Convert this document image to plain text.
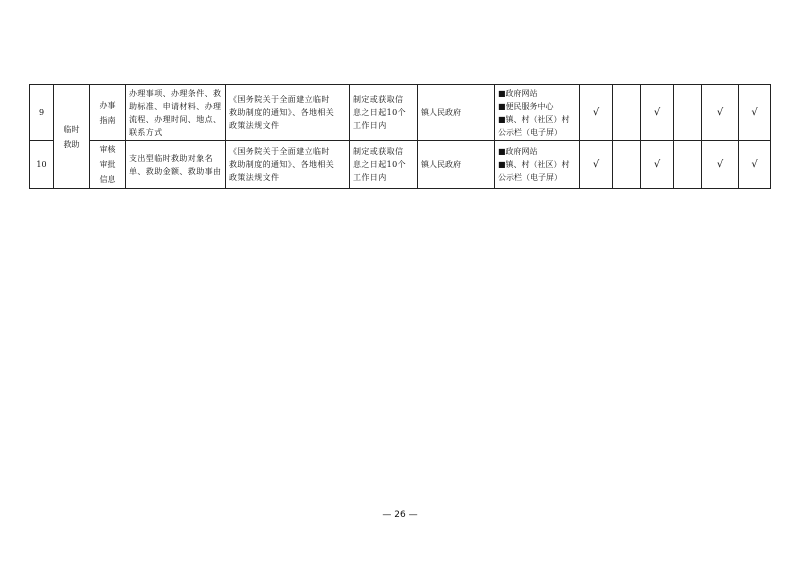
9	临时救助	办事指南	办理事项、办理条件、救
助标准、申请材料、办理
流程、办理时间、地点、
联系方式	《国务院关于全面建立临时
救助制度的通知》、各地相关
政策法规文件	制定或获取信
息之日起10个
工作日内	镇人民政府	■政府网站
■便民服务中心
■镇、村（社区）村
公示栏（电子屏）	√		√		√	√
10		审核审批信息	支出型临时救助对象名
单、救助金额、救助事由	《国务院关于全面建立临时
救助制度的通知》、各地相关
政策法规文件	制定或获取信
息之日起10个
工作日内	镇人民政府	■政府网站
■镇、村（社区）村
公示栏（电子屏）	√		√		√	√
— 26 —
